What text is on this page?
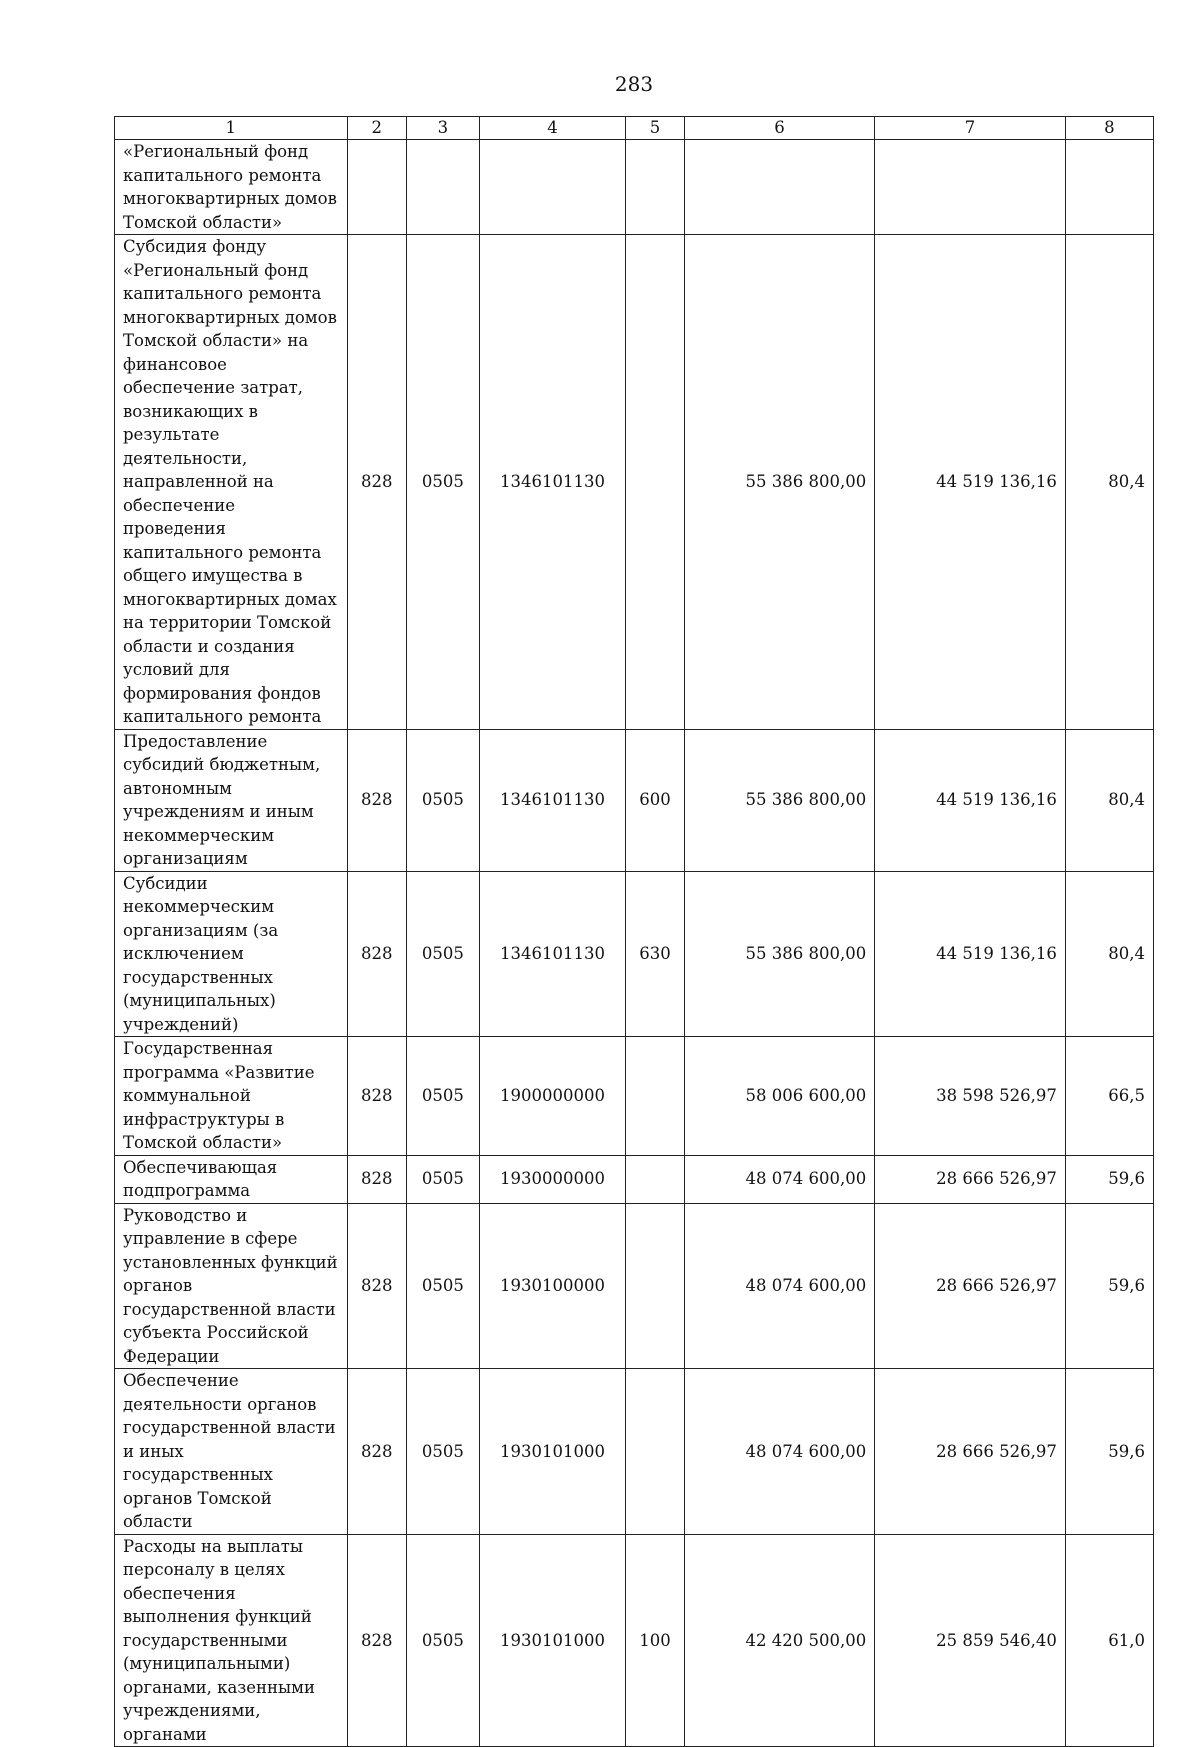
283
1	2	3	4	5	6	7	8
«Региональный фонд капитального ремонта многоквартирных домов Томской области»							
Субсидия фонду «Региональный фонд капитального ремонта многоквартирных домов Томской области» на финансовое обеспечение затрат, возникающих в результате деятельности, направленной на обеспечение проведения капитального ремонта общего имущества в многоквартирных домах на территории Томской области и создания условий для формирования фондов капитального ремонта	828	0505	1346101130		55 386 800,00	44 519 136,16	80,4
Предоставление субсидий бюджетным, автономным учреждениям и иным некоммерческим организациям	828	0505	1346101130	600	55 386 800,00	44 519 136,16	80,4
Субсидии некоммерческим организациям (за исключением государственных (муниципальных) учреждений)	828	0505	1346101130	630	55 386 800,00	44 519 136,16	80,4
Государственная программа «Развитие коммунальной инфраструктуры в Томской области»	828	0505	1900000000		58 006 600,00	38 598 526,97	66,5
Обеспечивающая подпрограмма	828	0505	1930000000		48 074 600,00	28 666 526,97	59,6
Руководство и управление в сфере установленных функций органов государственной власти субъекта Российской Федерации	828	0505	1930100000		48 074 600,00	28 666 526,97	59,6
Обеспечение деятельности органов государственной власти и иных государственных органов Томской области	828	0505	1930101000		48 074 600,00	28 666 526,97	59,6
Расходы на выплаты персоналу в целях обеспечения выполнения функций государственными (муниципальными) органами, казенными учреждениями, органами	828	0505	1930101000	100	42 420 500,00	25 859 546,40	61,0
